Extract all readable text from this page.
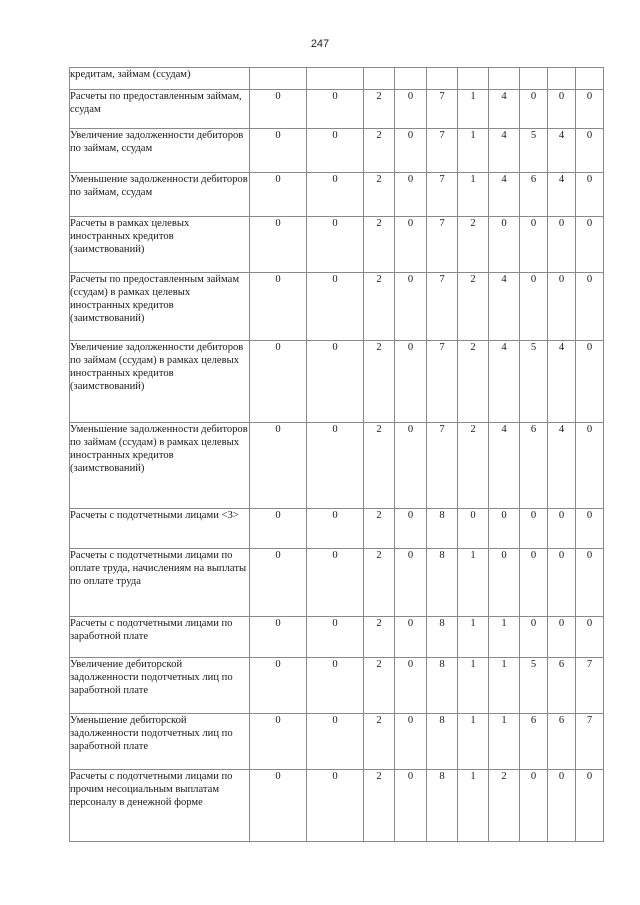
247
кредитам, займам (ссудам)										
Расчеты по предоставленным займам, ссудам	0	0	2	0	7	1	4	0	0	0
Увеличение задолженности дебиторов по займам, ссудам	0	0	2	0	7	1	4	5	4	0
Уменьшение задолженности дебиторов по займам, ссудам	0	0	2	0	7	1	4	6	4	0
Расчеты в рамках целевых иностранных кредитов (заимствований)	0	0	2	0	7	2	0	0	0	0
Расчеты по предоставленным займам (ссудам) в рамках целевых иностранных кредитов (заимствований)	0	0	2	0	7	2	4	0	0	0
Увеличение задолженности дебиторов по займам (ссудам) в рамках целевых иностранных кредитов (заимствований)	0	0	2	0	7	2	4	5	4	0
Уменьшение задолженности дебиторов по займам (ссудам) в рамках целевых иностранных кредитов (заимствований)	0	0	2	0	7	2	4	6	4	0
Расчеты с подотчетными лицами <3>	0	0	2	0	8	0	0	0	0	0
Расчеты с подотчетными лицами по оплате труда, начислениям на выплаты по оплате труда	0	0	2	0	8	1	0	0	0	0
Расчеты с подотчетными лицами по заработной плате	0	0	2	0	8	1	1	0	0	0
Увеличение дебиторской задолженности подотчетных лиц по заработной плате	0	0	2	0	8	1	1	5	6	7
Уменьшение дебиторской задолженности подотчетных лиц по заработной плате	0	0	2	0	8	1	1	6	6	7
Расчеты с подотчетными лицами по прочим несоциальным выплатам персоналу в денежной форме	0	0	2	0	8	1	2	0	0	0
